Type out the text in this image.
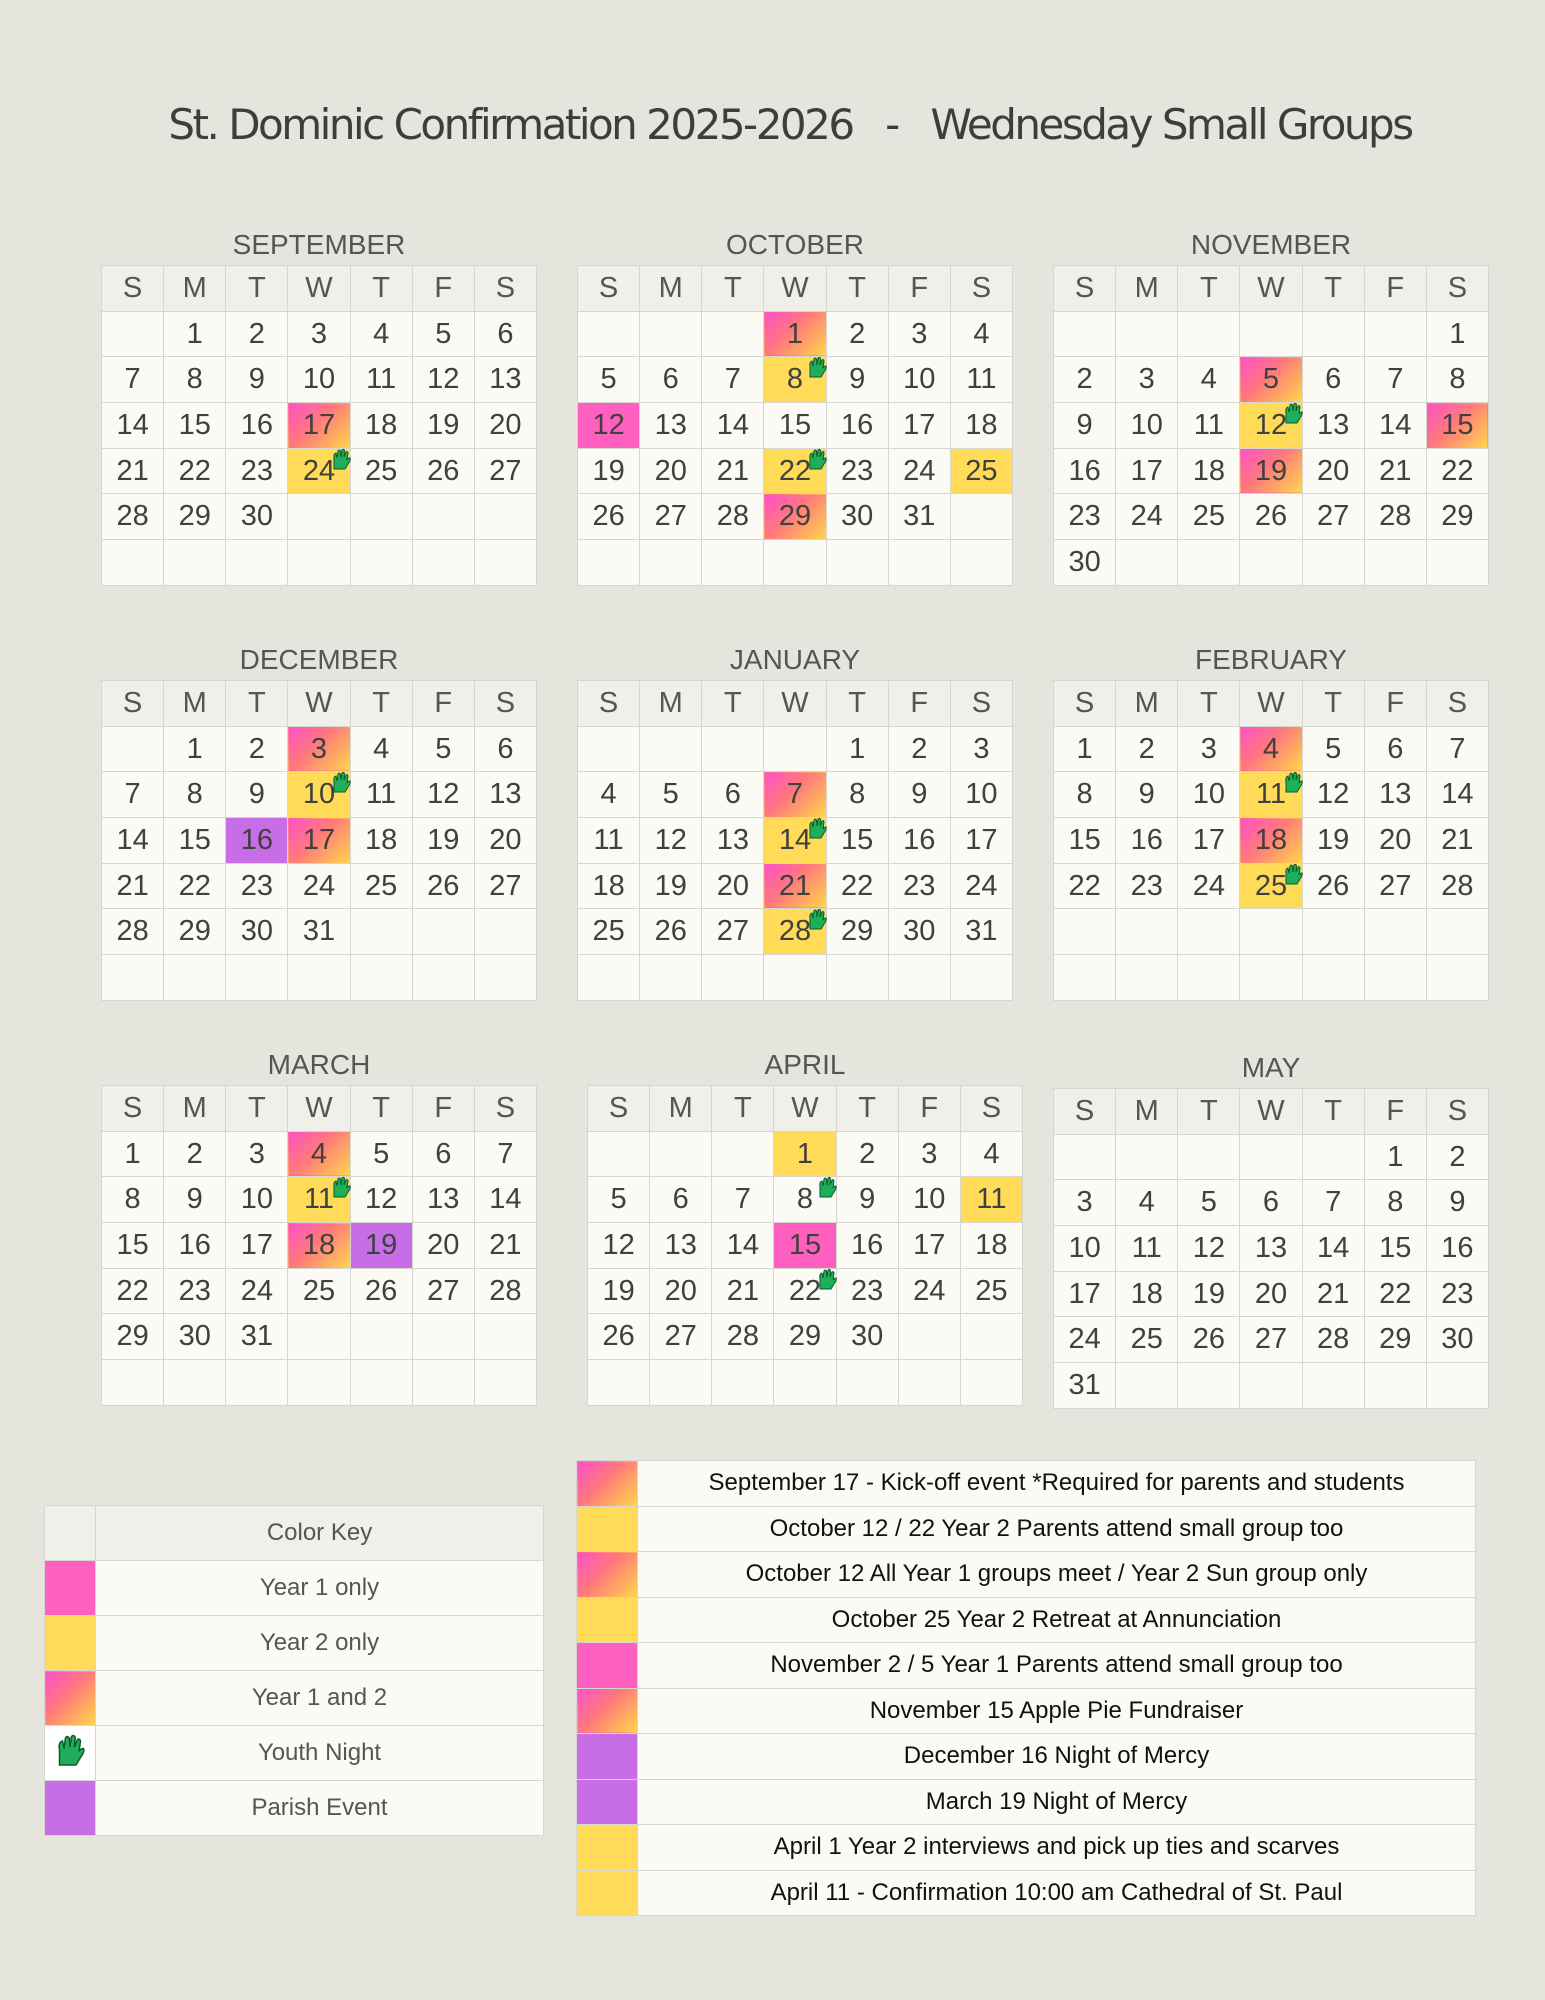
St. Dominic Confirmation 2025-2026   -   Wednesday Small Groups
SEPTEMBER
S	M	T	W	T	F	S
	1	2	3	4	5	6
7	8	9	10	11	12	13
14	15	16	17	18	19	20
21	22	23	24	25	26	27
28	29	30				

OCTOBER
S	M	T	W	T	F	S
			1	2	3	4
5	6	7	8	9	10	11
12	13	14	15	16	17	18
19	20	21	22	23	24	25
26	27	28	29	30	31	

NOVEMBER
S	M	T	W	T	F	S
						1
2	3	4	5	6	7	8
9	10	11	12	13	14	15
16	17	18	19	20	21	22
23	24	25	26	27	28	29
30						
DECEMBER
S	M	T	W	T	F	S
	1	2	3	4	5	6
7	8	9	10	11	12	13
14	15	16	17	18	19	20
21	22	23	24	25	26	27
28	29	30	31			

JANUARY
S	M	T	W	T	F	S
				1	2	3
4	5	6	7	8	9	10
11	12	13	14	15	16	17
18	19	20	21	22	23	24
25	26	27	28	29	30	31

FEBRUARY
S	M	T	W	T	F	S
1	2	3	4	5	6	7
8	9	10	11	12	13	14
15	16	17	18	19	20	21
22	23	24	25	26	27	28

MARCH
S	M	T	W	T	F	S
1	2	3	4	5	6	7
8	9	10	11	12	13	14
15	16	17	18	19	20	21
22	23	24	25	26	27	28
29	30	31				

APRIL
S	M	T	W	T	F	S
			1	2	3	4
5	6	7	8	9	10	11
12	13	14	15	16	17	18
19	20	21	22	23	24	25
26	27	28	29	30		

MAY
S	M	T	W	T	F	S
					1	2
3	4	5	6	7	8	9
10	11	12	13	14	15	16
17	18	19	20	21	22	23
24	25	26	27	28	29	30
31						
	Color Key
	Year 1 only
	Year 2 only
	Year 1 and 2
	Youth Night
	Parish Event
	September 17 - Kick-off event *Required for parents and students
	October 12 / 22 Year 2 Parents attend small group too
	October 12 All Year 1 groups meet / Year 2 Sun group only
	October 25 Year 2 Retreat at Annunciation
	November 2 / 5 Year 1 Parents attend small group too
	November 15 Apple Pie Fundraiser
	December 16 Night of Mercy
	March 19 Night of Mercy
	April 1 Year 2 interviews and pick up ties and scarves
	April 11 - Confirmation 10:00 am Cathedral of St. Paul
